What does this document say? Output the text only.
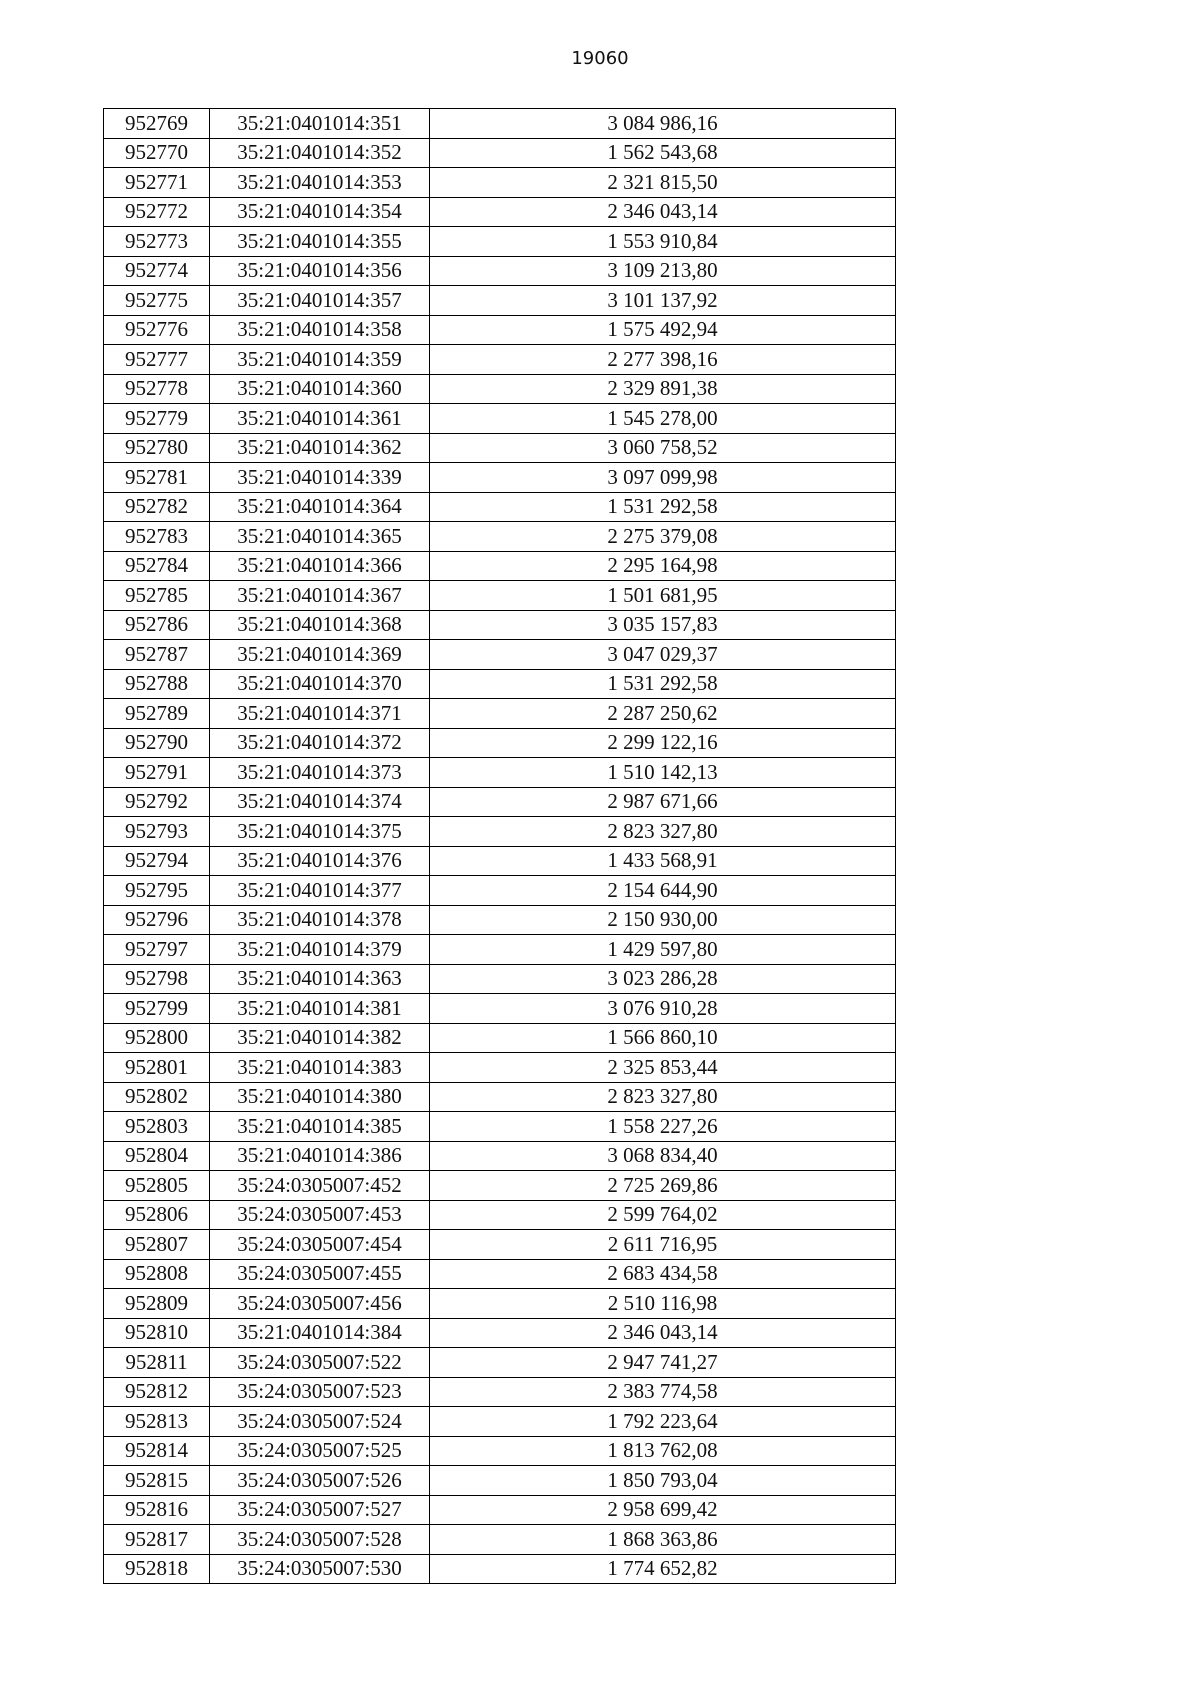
19060
952769	35:21:0401014:351	3 084 986,16
952770	35:21:0401014:352	1 562 543,68
952771	35:21:0401014:353	2 321 815,50
952772	35:21:0401014:354	2 346 043,14
952773	35:21:0401014:355	1 553 910,84
952774	35:21:0401014:356	3 109 213,80
952775	35:21:0401014:357	3 101 137,92
952776	35:21:0401014:358	1 575 492,94
952777	35:21:0401014:359	2 277 398,16
952778	35:21:0401014:360	2 329 891,38
952779	35:21:0401014:361	1 545 278,00
952780	35:21:0401014:362	3 060 758,52
952781	35:21:0401014:339	3 097 099,98
952782	35:21:0401014:364	1 531 292,58
952783	35:21:0401014:365	2 275 379,08
952784	35:21:0401014:366	2 295 164,98
952785	35:21:0401014:367	1 501 681,95
952786	35:21:0401014:368	3 035 157,83
952787	35:21:0401014:369	3 047 029,37
952788	35:21:0401014:370	1 531 292,58
952789	35:21:0401014:371	2 287 250,62
952790	35:21:0401014:372	2 299 122,16
952791	35:21:0401014:373	1 510 142,13
952792	35:21:0401014:374	2 987 671,66
952793	35:21:0401014:375	2 823 327,80
952794	35:21:0401014:376	1 433 568,91
952795	35:21:0401014:377	2 154 644,90
952796	35:21:0401014:378	2 150 930,00
952797	35:21:0401014:379	1 429 597,80
952798	35:21:0401014:363	3 023 286,28
952799	35:21:0401014:381	3 076 910,28
952800	35:21:0401014:382	1 566 860,10
952801	35:21:0401014:383	2 325 853,44
952802	35:21:0401014:380	2 823 327,80
952803	35:21:0401014:385	1 558 227,26
952804	35:21:0401014:386	3 068 834,40
952805	35:24:0305007:452	2 725 269,86
952806	35:24:0305007:453	2 599 764,02
952807	35:24:0305007:454	2 611 716,95
952808	35:24:0305007:455	2 683 434,58
952809	35:24:0305007:456	2 510 116,98
952810	35:21:0401014:384	2 346 043,14
952811	35:24:0305007:522	2 947 741,27
952812	35:24:0305007:523	2 383 774,58
952813	35:24:0305007:524	1 792 223,64
952814	35:24:0305007:525	1 813 762,08
952815	35:24:0305007:526	1 850 793,04
952816	35:24:0305007:527	2 958 699,42
952817	35:24:0305007:528	1 868 363,86
952818	35:24:0305007:530	1 774 652,82
